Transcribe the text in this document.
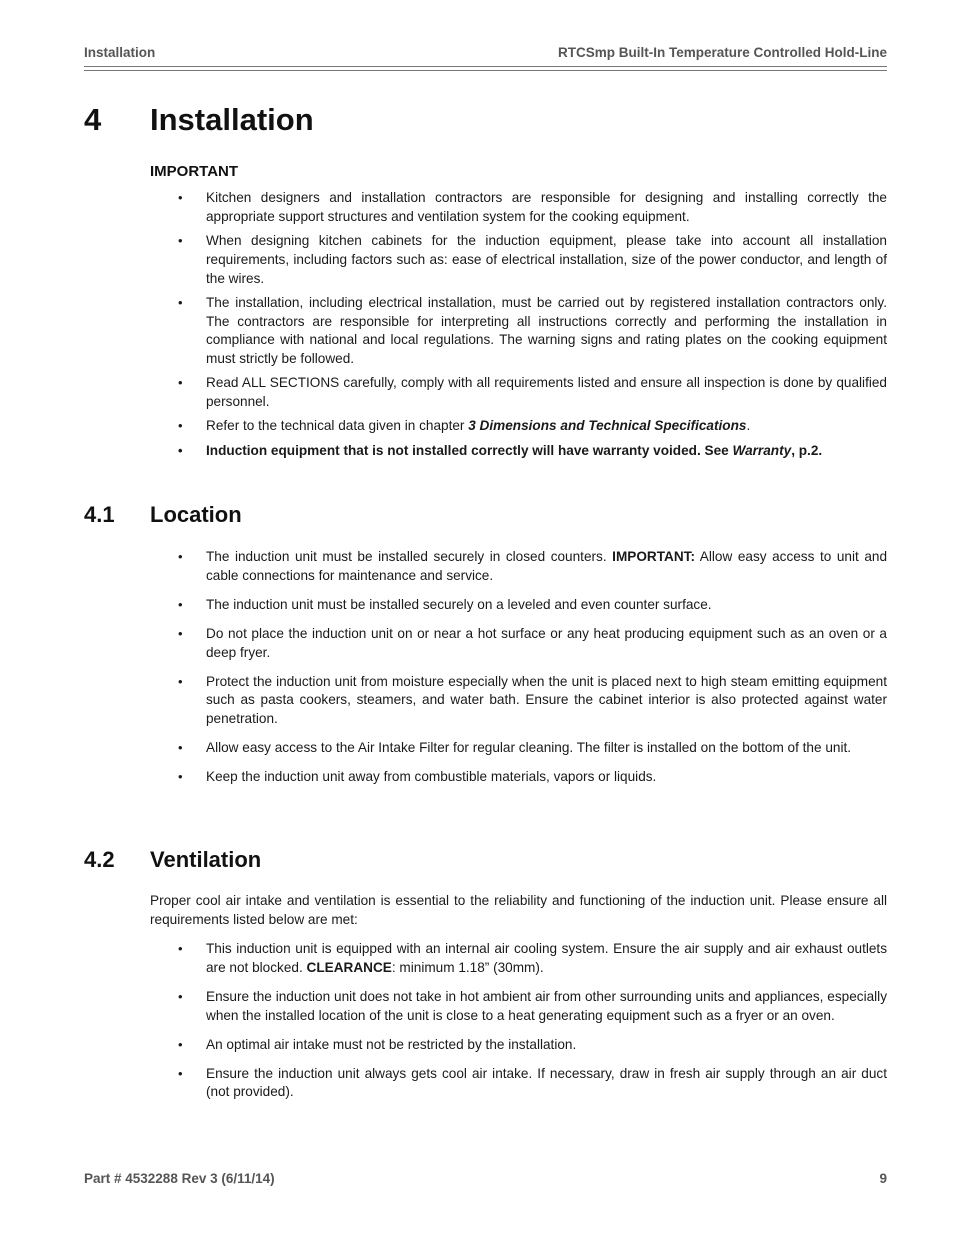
Installation	RTCSmp Built-In Temperature Controlled Hold-Line
4	Installation
IMPORTANT
• Kitchen designers and installation contractors are responsible for designing and installing correctly the appropriate support structures and ventilation system for the cooking equipment.
• When designing kitchen cabinets for the induction equipment, please take into account all installation requirements, including factors such as: ease of electrical installation, size of the power conductor, and length of the wires.
• The installation, including electrical installation, must be carried out by registered installation contractors only. The contractors are responsible for interpreting all instructions correctly and performing the installation in compliance with national and local regulations. The warning signs and rating plates on the cooking equipment must strictly be followed.
• Read ALL SECTIONS carefully, comply with all requirements listed and ensure all inspection is done by qualified personnel.
• Refer to the technical data given in chapter 3 Dimensions and Technical Specifications.
• Induction equipment that is not installed correctly will have warranty voided. See Warranty, p.2.
4.1	Location
• The induction unit must be installed securely in closed counters. IMPORTANT: Allow easy access to unit and cable connections for maintenance and service.
• The induction unit must be installed securely on a leveled and even counter surface.
• Do not place the induction unit on or near a hot surface or any heat producing equipment such as an oven or a deep fryer.
• Protect the induction unit from moisture especially when the unit is placed next to high steam emitting equipment such as pasta cookers, steamers, and water bath. Ensure the cabinet interior is also protected against water penetration.
• Allow easy access to the Air Intake Filter for regular cleaning. The filter is installed on the bottom of the unit.
• Keep the induction unit away from combustible materials, vapors or liquids.
4.2	Ventilation
Proper cool air intake and ventilation is essential to the reliability and functioning of the induction unit. Please ensure all requirements listed below are met:
• This induction unit is equipped with an internal air cooling system. Ensure the air supply and air exhaust outlets are not blocked. CLEARANCE: minimum 1.18” (30mm).
• Ensure the induction unit does not take in hot ambient air from other surrounding units and appliances, especially when the installed location of the unit is close to a heat generating equipment such as a fryer or an oven.
• An optimal air intake must not be restricted by the installation.
• Ensure the induction unit always gets cool air intake. If necessary, draw in fresh air supply through an air duct (not provided).
Part # 4532288 Rev 3 (6/11/14)	9
